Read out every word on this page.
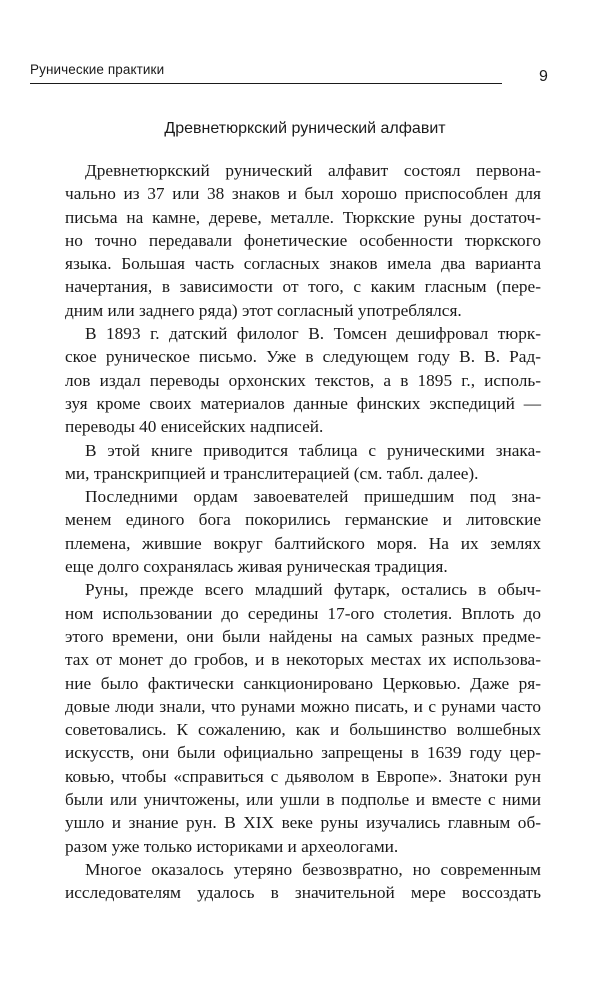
Рунические практики	9
Древнетюркский рунический алфавит
Древнетюркский рунический алфавит состоял первона-
чально из 37 или 38 знаков и был хорошо приспособлен для
письма на камне, дереве, металле. Тюркские руны достаточ-
но точно передавали фонетические особенности тюркского
языка. Большая часть согласных знаков имела два варианта
начертания, в зависимости от того, с каким гласным (пере-
дним или заднего ряда) этот согласный употреблялся.
В 1893 г. датский филолог В. Томсен дешифровал тюрк-
ское руническое письмо. Уже в следующем году В. В. Рад-
лов издал переводы орхонских текстов, а в 1895 г., исполь-
зуя кроме своих материалов данные финских экспедиций —
переводы 40 енисейских надписей.
В этой книге приводится таблица с руническими знака-
ми, транскрипцией и транслитерацией (см. табл. далее).
Последними ордам завоевателей пришедшим под зна-
менем единого бога покорились германские и литовские
племена, жившие вокруг балтийского моря. На их землях
еще долго сохранялась живая руническая традиция.
Руны, прежде всего младший футарк, остались в обыч-
ном использовании до середины 17-ого столетия. Вплоть до
этого времени, они были найдены на самых разных предме-
тах от монет до гробов, и в некоторых местах их использова-
ние было фактически санкционировано Церковью. Даже ря-
довые люди знали, что рунами можно писать, и с рунами часто
советовались. К сожалению, как и большинство волшебных
искусств, они были официально запрещены в 1639 году цер-
ковью, чтобы «справиться с дьяволом в Европе». Знатоки рун
были или уничтожены, или ушли в подполье и вместе с ними
ушло и знание рун. В XIX веке руны изучались главным об-
разом уже только историками и археологами.
Многое оказалось утеряно безвозвратно, но современным
исследователям удалось в значительной мере воссоздать
